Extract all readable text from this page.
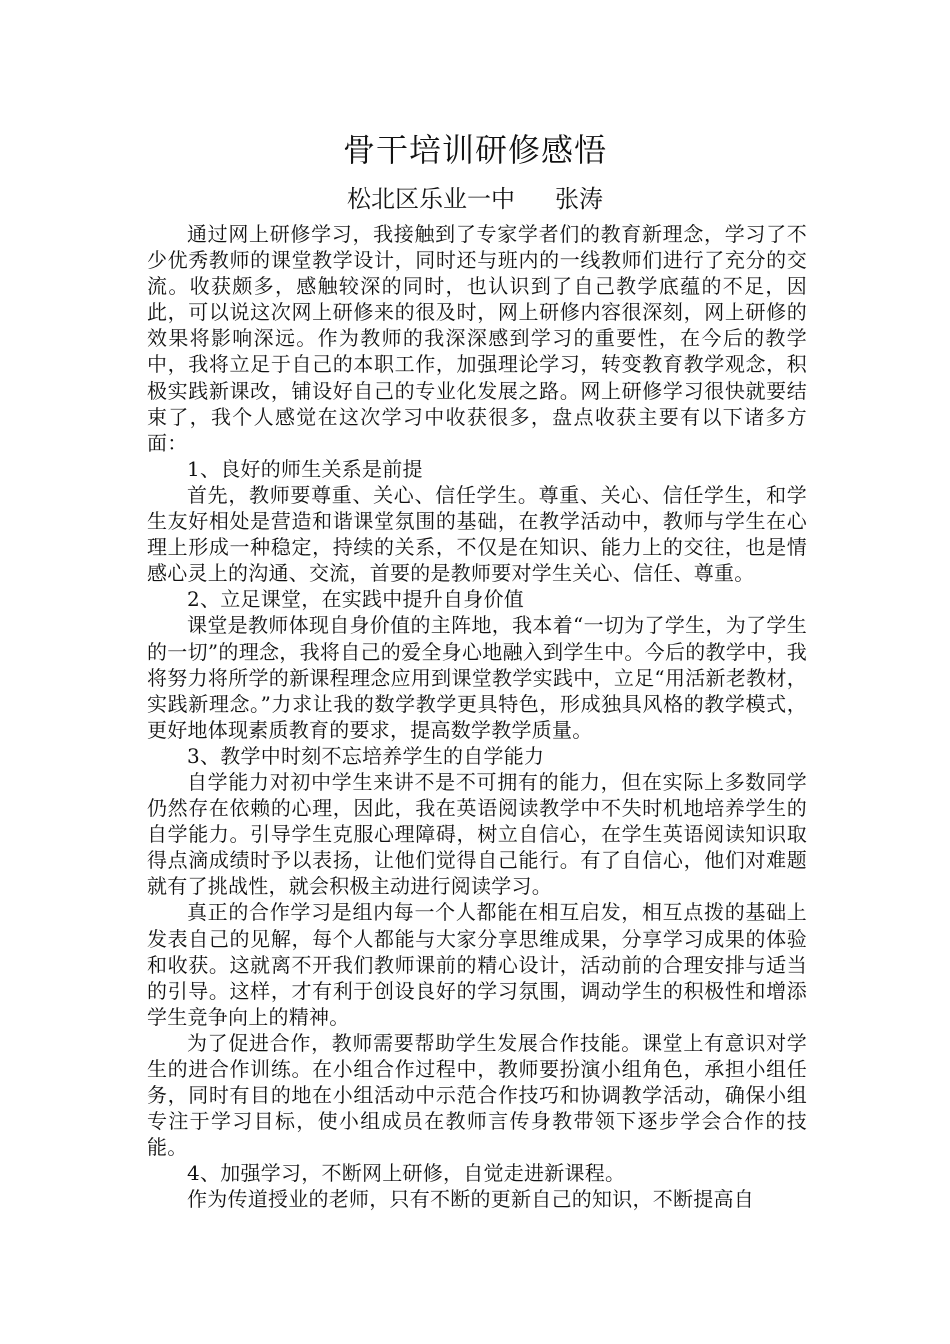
骨干培训研修感悟
松北区乐业一中 张涛

通过网上研修学习，我接触到了专家学者们的教育新理念，学习了不少优秀教师的课堂教学设计，同时还与班内的一线教师们进行了充分的交流。收获颇多，感触较深的同时，也认识到了自己教学底蕴的不足，因此，可以说这次网上研修来的很及时，网上研修内容很深刻，网上研修的效果将影响深远。作为教师的我深深感到学习的重要性，在今后的教学中，我将立足于自己的本职工作，加强理论学习，转变教育教学观念，积极实践新课改，铺设好自己的专业化发展之路。网上研修学习很快就要结束了，我个人感觉在这次学习中收获很多，盘点收获主要有以下诸多方面：

1、良好的师生关系是前提

首先，教师要尊重、关心、信任学生。尊重、关心、信任学生，和学生友好相处是营造和谐课堂氛围的基础，在教学活动中，教师与学生在心理上形成一种稳定，持续的关系，不仅是在知识、能力上的交往，也是情感心灵上的沟通、交流，首要的是教师要对学生关心、信任、尊重。

2、立足课堂，在实践中提升自身价值

课堂是教师体现自身价值的主阵地，我本着“一切为了学生，为了学生的一切”的理念，我将自己的爱全身心地融入到学生中。今后的教学中，我将努力将所学的新课程理念应用到课堂教学实践中，立足“用活新老教材，实践新理念。”力求让我的数学教学更具特色，形成独具风格的教学模式，更好地体现素质教育的要求，提高数学教学质量。

3、教学中时刻不忘培养学生的自学能力

自学能力对初中学生来讲不是不可拥有的能力，但在实际上多数同学仍然存在依赖的心理，因此，我在英语阅读教学中不失时机地培养学生的自学能力。引导学生克服心理障碍，树立自信心，在学生英语阅读知识取得点滴成绩时予以表扬，让他们觉得自己能行。有了自信心，他们对难题就有了挑战性，就会积极主动进行阅读学习。

真正的合作学习是组内每一个人都能在相互启发，相互点拨的基础上发表自己的见解，每个人都能与大家分享思维成果，分享学习成果的体验和收获。这就离不开我们教师课前的精心设计，活动前的合理安排与适当的引导。这样，才有利于创设良好的学习氛围，调动学生的积极性和增添学生竞争向上的精神。

为了促进合作，教师需要帮助学生发展合作技能。课堂上有意识对学生的进合作训练。在小组合作过程中，教师要扮演小组角色，承担小组任务，同时有目的地在小组活动中示范合作技巧和协调教学活动，确保小组专注于学习目标，使小组成员在教师言传身教带领下逐步学会合作的技能。

4、加强学习，不断网上研修，自觉走进新课程。

作为传道授业的老师，只有不断的更新自己的知识，不断提高自
